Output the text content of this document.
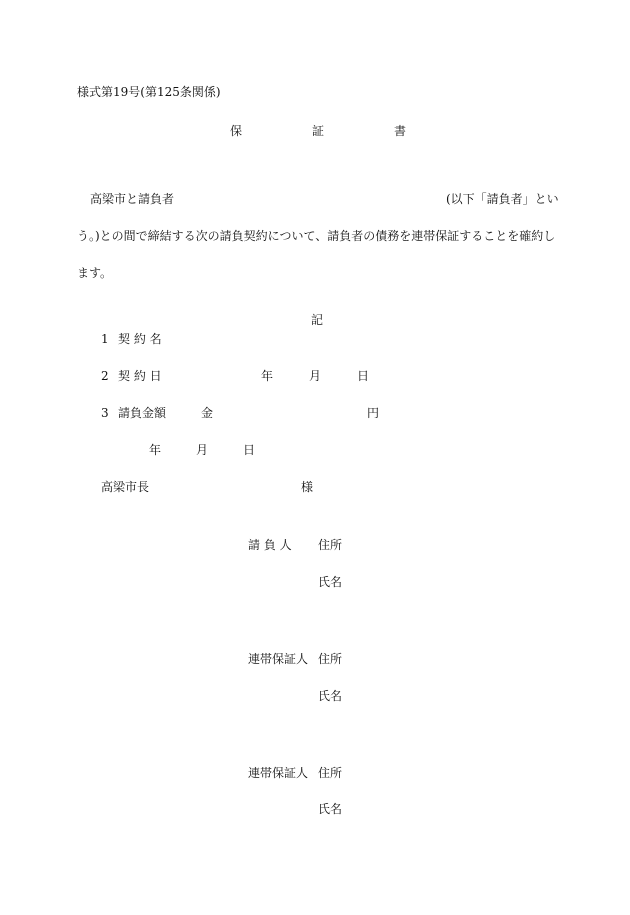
様式第19号(第125条関係)
保	証	書
高梁市と請負者	(以下「請負者」とい
う。)との間で締結する次の請負契約について、請負者の債務を連帯保証することを確約し
ます。
記
1 契 約 名
2 契 約 日	年	月	日
3 請負金額	金	円
年	月	日
高梁市長	様
請 負 人 住所
氏名
連帯保証人 住所
氏名
連帯保証人 住所
氏名
